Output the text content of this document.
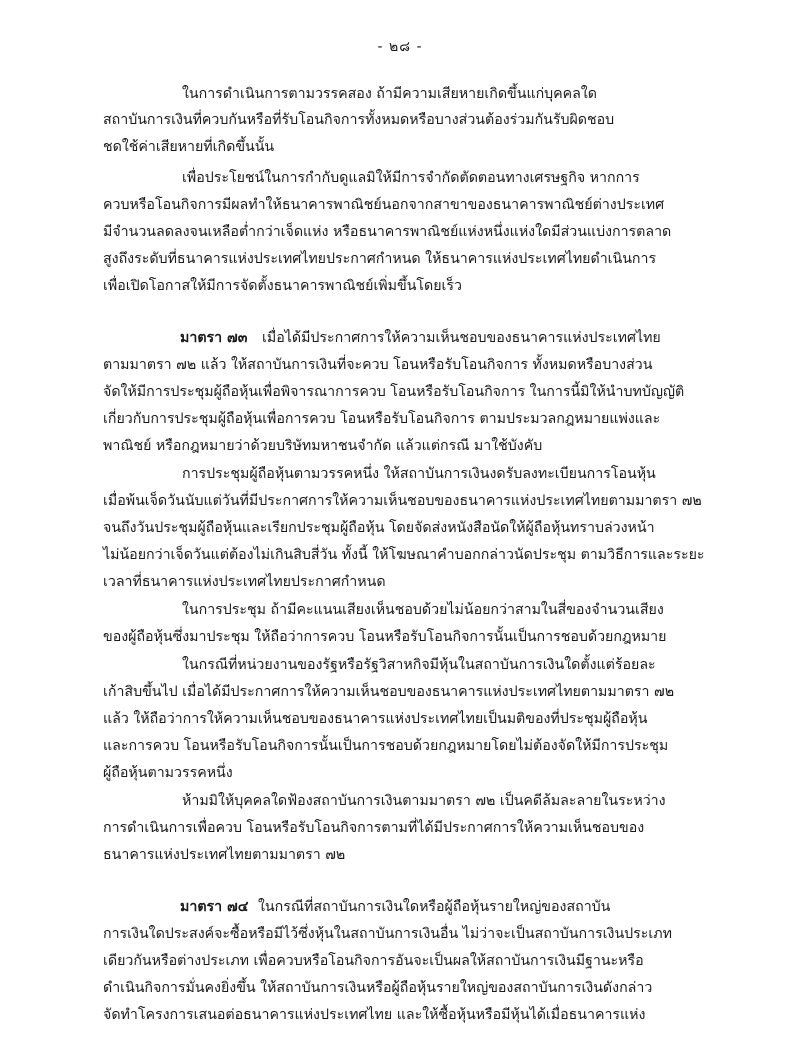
- ๒๘ -
ในการดำเนินการตามวรรคสอง ถ้ามีความเสียหายเกิดขึ้นแก่บุคคลใด
สถาบันการเงินที่ควบกันหรือที่รับโอนกิจการทั้งหมดหรือบางส่วนต้องร่วมกันรับผิดชอบ
ชดใช้ค่าเสียหายที่เกิดขึ้นนั้น
เพื่อประโยชน์ในการกำกับดูแลมิให้มีการจำกัดตัดตอนทางเศรษฐกิจ หากการ
ควบหรือโอนกิจการมีผลทำให้ธนาคารพาณิชย์นอกจากสาขาของธนาคารพาณิชย์ต่างประเทศ
มีจำนวนลดลงจนเหลือต่ำกว่าเจ็ดแห่ง หรือธนาคารพาณิชย์แห่งหนึ่งแห่งใดมีส่วนแบ่งการตลาด
สูงถึงระดับที่ธนาคารแห่งประเทศไทยประกาศกำหนด ให้ธนาคารแห่งประเทศไทยดำเนินการ
เพื่อเปิดโอกาสให้มีการจัดตั้งธนาคารพาณิชย์เพิ่มขึ้นโดยเร็ว
มาตรา ๗๓ เมื่อได้มีประกาศการให้ความเห็นชอบของธนาคารแห่งประเทศไทย
ตามมาตรา ๗๒ แล้ว ให้สถาบันการเงินที่จะควบ โอนหรือรับโอนกิจการ ทั้งหมดหรือบางส่วน
จัดให้มีการประชุมผู้ถือหุ้นเพื่อพิจารณาการควบ โอนหรือรับโอนกิจการ ในการนี้มิให้นำบทบัญญัติ
เกี่ยวกับการประชุมผู้ถือหุ้นเพื่อการควบ โอนหรือรับโอนกิจการ ตามประมวลกฎหมายแพ่งและ
พาณิชย์ หรือกฎหมายว่าด้วยบริษัทมหาชนจำกัด แล้วแต่กรณี มาใช้บังคับ
การประชุมผู้ถือหุ้นตามวรรคหนึ่ง ให้สถาบันการเงินงดรับลงทะเบียนการโอนหุ้น
เมื่อพ้นเจ็ดวันนับแต่วันที่มีประกาศการให้ความเห็นชอบของธนาคารแห่งประเทศไทยตามมาตรา ๗๒
จนถึงวันประชุมผู้ถือหุ้นและเรียกประชุมผู้ถือหุ้น โดยจัดส่งหนังสือนัดให้ผู้ถือหุ้นทราบล่วงหน้า
ไม่น้อยกว่าเจ็ดวันแต่ต้องไม่เกินสิบสี่วัน ทั้งนี้ ให้โฆษณาคำบอกกล่าวนัดประชุม ตามวิธีการและระยะ
เวลาที่ธนาคารแห่งประเทศไทยประกาศกำหนด
ในการประชุม ถ้ามีคะแนนเสียงเห็นชอบด้วยไม่น้อยกว่าสามในสี่ของจำนวนเสียง
ของผู้ถือหุ้นซึ่งมาประชุม ให้ถือว่าการควบ โอนหรือรับโอนกิจการนั้นเป็นการชอบด้วยกฎหมาย
ในกรณีที่หน่วยงานของรัฐหรือรัฐวิสาหกิจมีหุ้นในสถาบันการเงินใดตั้งแต่ร้อยละ
เก้าสิบขึ้นไป เมื่อได้มีประกาศการให้ความเห็นชอบของธนาคารแห่งประเทศไทยตามมาตรา ๗๒
แล้ว ให้ถือว่าการให้ความเห็นชอบของธนาคารแห่งประเทศไทยเป็นมติของที่ประชุมผู้ถือหุ้น
และการควบ โอนหรือรับโอนกิจการนั้นเป็นการชอบด้วยกฎหมายโดยไม่ต้องจัดให้มีการประชุม
ผู้ถือหุ้นตามวรรคหนึ่ง
ห้ามมิให้บุคคลใดฟ้องสถาบันการเงินตามมาตรา ๗๒ เป็นคดีล้มละลายในระหว่าง
การดำเนินการเพื่อควบ โอนหรือรับโอนกิจการตามที่ได้มีประกาศการให้ความเห็นชอบของ
ธนาคารแห่งประเทศไทยตามมาตรา ๗๒
มาตรา ๗๔ ในกรณีที่สถาบันการเงินใดหรือผู้ถือหุ้นรายใหญ่ของสถาบัน
การเงินใดประสงค์จะซื้อหรือมีไว้ซึ่งหุ้นในสถาบันการเงินอื่น ไม่ว่าจะเป็นสถาบันการเงินประเภท
เดียวกันหรือต่างประเภท เพื่อควบหรือโอนกิจการอันจะเป็นผลให้สถาบันการเงินมีฐานะหรือ
ดำเนินกิจการมั่นคงยิ่งขึ้น ให้สถาบันการเงินหรือผู้ถือหุ้นรายใหญ่ของสถาบันการเงินดังกล่าว
จัดทำโครงการเสนอต่อธนาคารแห่งประเทศไทย และให้ซื้อหุ้นหรือมีหุ้นได้เมื่อธนาคารแห่ง
